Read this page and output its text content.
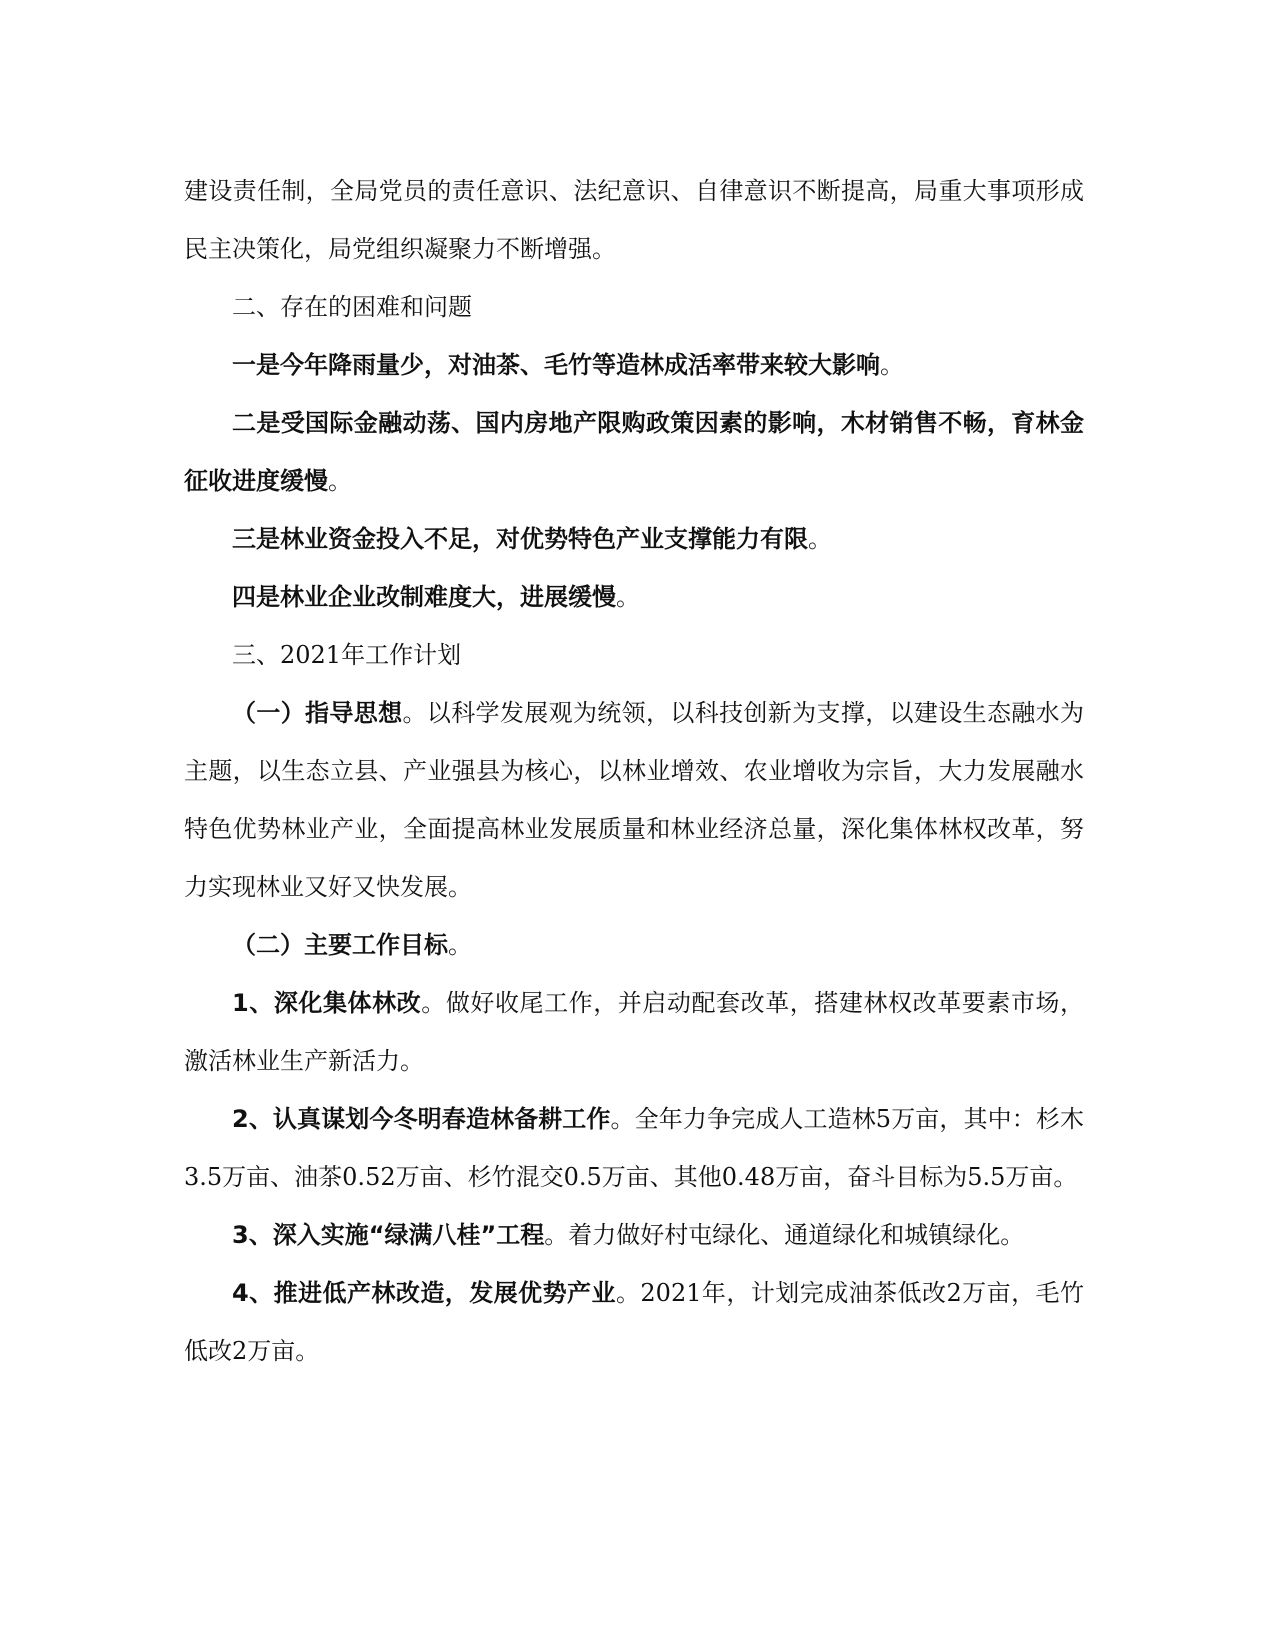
建设责任制，全局党员的责任意识、法纪意识、自律意识不断提高，局重大事项形成民主决策化，局党组织凝聚力不断增强。

二、存在的困难和问题

一是今年降雨量少，对油茶、毛竹等造林成活率带来较大影响。

二是受国际金融动荡、国内房地产限购政策因素的影响，木材销售不畅，育林金征收进度缓慢。

三是林业资金投入不足，对优势特色产业支撑能力有限。

四是林业企业改制难度大，进展缓慢。

三、2021年工作计划

（一）指导思想。以科学发展观为统领，以科技创新为支撑，以建设生态融水为主题，以生态立县、产业强县为核心，以林业增效、农业增收为宗旨，大力发展融水特色优势林业产业，全面提高林业发展质量和林业经济总量，深化集体林权改革，努力实现林业又好又快发展。

（二）主要工作目标。

1、深化集体林改。做好收尾工作，并启动配套改革，搭建林权改革要素市场，激活林业生产新活力。

2、认真谋划今冬明春造林备耕工作。全年力争完成人工造林5万亩，其中：杉木3.5万亩、油茶0.52万亩、杉竹混交0.5万亩、其他0.48万亩，奋斗目标为5.5万亩。

3、深入实施“绿满八桂”工程。着力做好村屯绿化、通道绿化和城镇绿化。

4、推进低产林改造，发展优势产业。2021年，计划完成油茶低改2万亩，毛竹低改2万亩。
